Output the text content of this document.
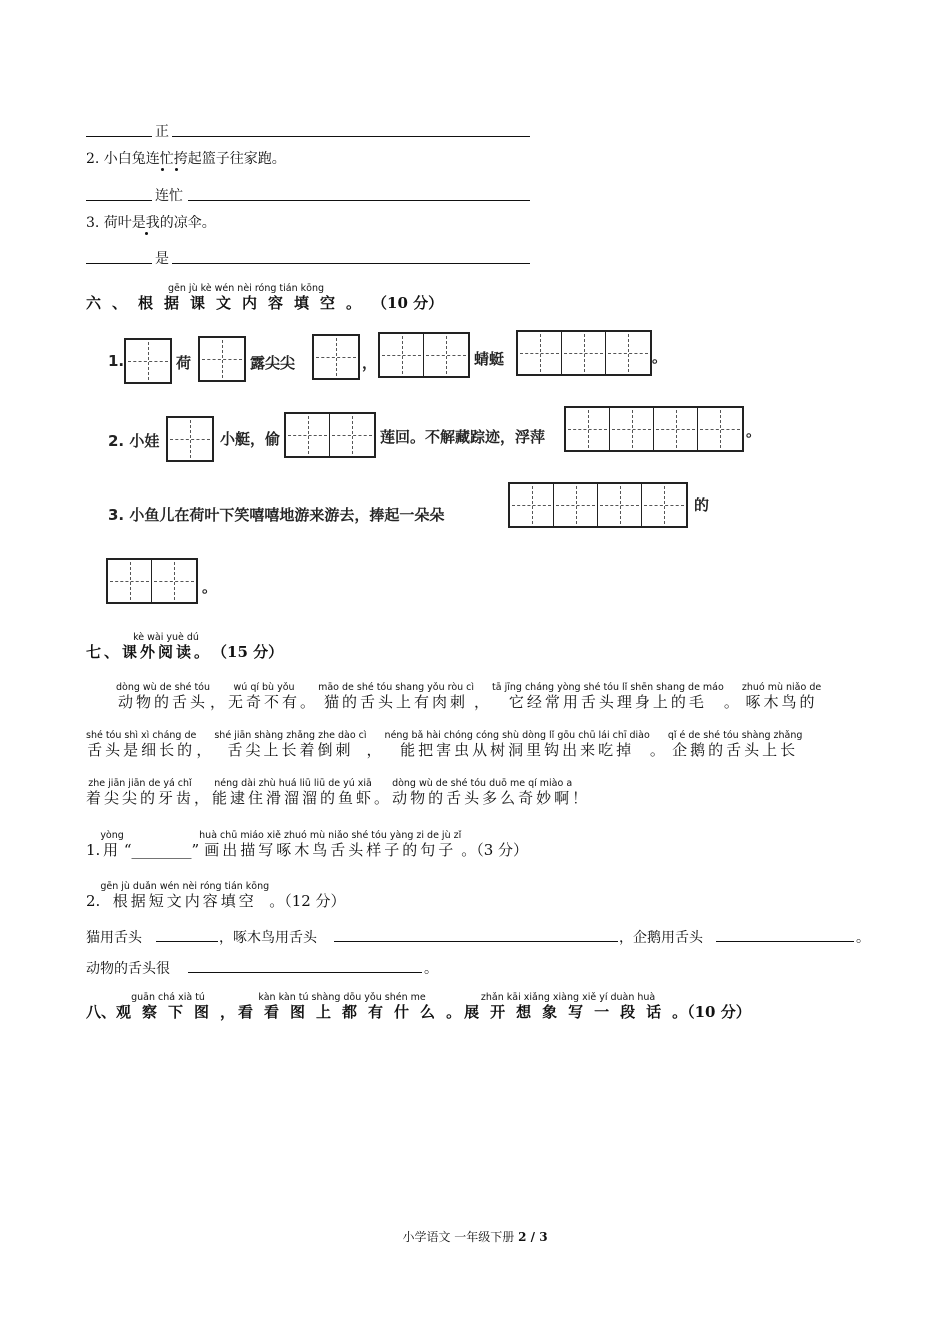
正
2. 小白兔连忙挎起篮子往家跑。
连忙
3. 荷叶是我的凉伞。
是
gēn jù kè wén nèi róng tián kōng
六、根据课文内容填空。 （10 分）
1.	荷	露尖尖	，	蜻蜓	。
2. 小娃	小艇，偷	莲回。不解藏踪迹，浮萍	。
3. 小鱼儿在荷叶下笑嘻嘻地游来游去，捧起一朵朵
的
。
kè wài yuè dú
七、课外阅读。 （15 分）
dòng wù de shé tóu
动物的舌头 ，
wú qí bù yǒu
无奇不有 。
māo de shé tóu shang yǒu ròu cì
猫的舌头上有肉刺 ，
tā jīng cháng yòng shé tóu lǐ shēn shang de máo
它经常用舌头理身上的毛 。
zhuó mù niǎo de
啄木鸟的
shé tóu shì xì cháng de
舌头是细长的 ，
shé jiān shàng zhǎng zhe dào cì
舌尖上长着倒刺 ，
néng bǎ hài chóng cóng shù dòng lǐ gōu chū lái chī diào
能把害虫从树洞里钩出来吃掉 。
qǐ é de shé tóu shàng zhǎng
企鹅的舌头上长
zhe jiān jiān de yá chǐ
着尖尖的牙齿 ，
néng dài zhù huá liū liū de yú xiā
能逮住滑溜溜的鱼虾 。
dòng wù de shé tóu duō me qí miào a
动物的舌头多么奇妙啊 ！
1.
yòng
用 “________”
huà chū miáo xiě zhuó mù niǎo shé tóu yàng zi de jù zǐ
画出描写啄木鸟舌头样子的句子 。（3 分）
2.
gēn jù duǎn wén nèi róng tián kōng
根据短文内容填空 。（12 分）
猫用舌头	，啄木鸟用舌头	，企鹅用舌头	。
动物的舌头很	。
八、
guān chá xià tú
观察下图 ，
kàn kàn tú shàng dōu yǒu shén me
看看图上都有什么 。
zhǎn kāi xiǎng xiàng xiě yí duàn huà
展开想象写一段话 。（10 分）
小学语文 一年级下册 2 / 3
